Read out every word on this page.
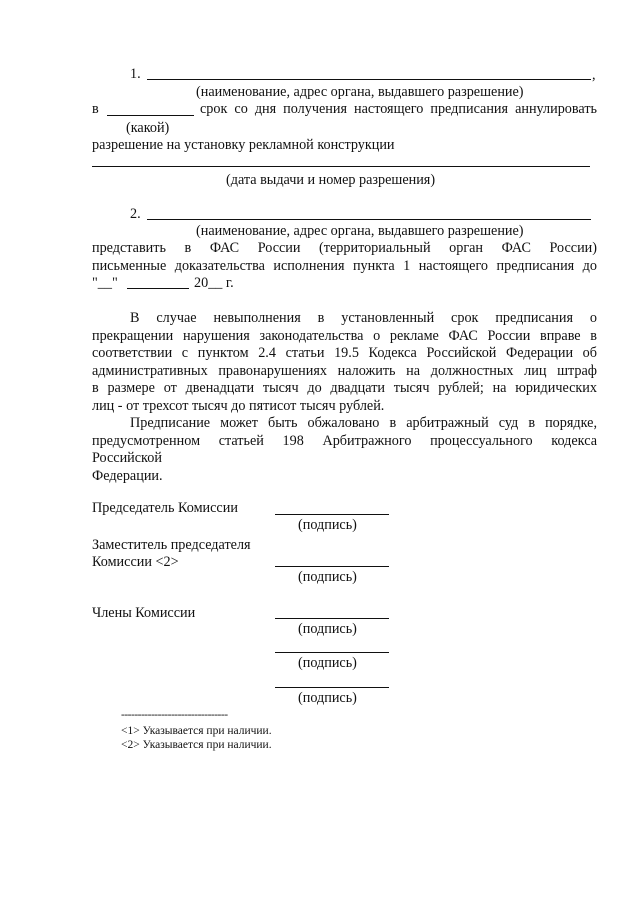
1.	,
(наименование, адрес органа, выдавшего разрешение)
в	срок со дня получения настоящего предписания аннулировать
(какой)
разрешение на установку рекламной конструкции
(дата выдачи и номер разрешения)
2.
(наименование, адрес органа, выдавшего разрешение)
представить в ФАС России (территориальный орган ФАС России)
письменные доказательства исполнения пункта 1 настоящего предписания до
"__"	20__ г.
В случае невыполнения в установленный срок предписания о
прекращении нарушения законодательства о рекламе ФАС России вправе в
соответствии с пунктом 2.4 статьи 19.5 Кодекса Российской Федерации об
административных правонарушениях наложить на должностных лиц штраф
в размере от двенадцати тысяч до двадцати тысяч рублей; на юридических
лиц - от трехсот тысяч до пятисот тысяч рублей.
Предписание может быть обжаловано в арбитражный суд в порядке,
предусмотренном статьей 198 Арбитражного процессуального кодекса
Российской
Федерации.
Председатель Комиссии
(подпись)
Заместитель председателя
Комиссии <2>
(подпись)
Члены Комиссии
(подпись)
(подпись)
(подпись)
--------------------------------
<1> Указывается при наличии.
<2> Указывается при наличии.
